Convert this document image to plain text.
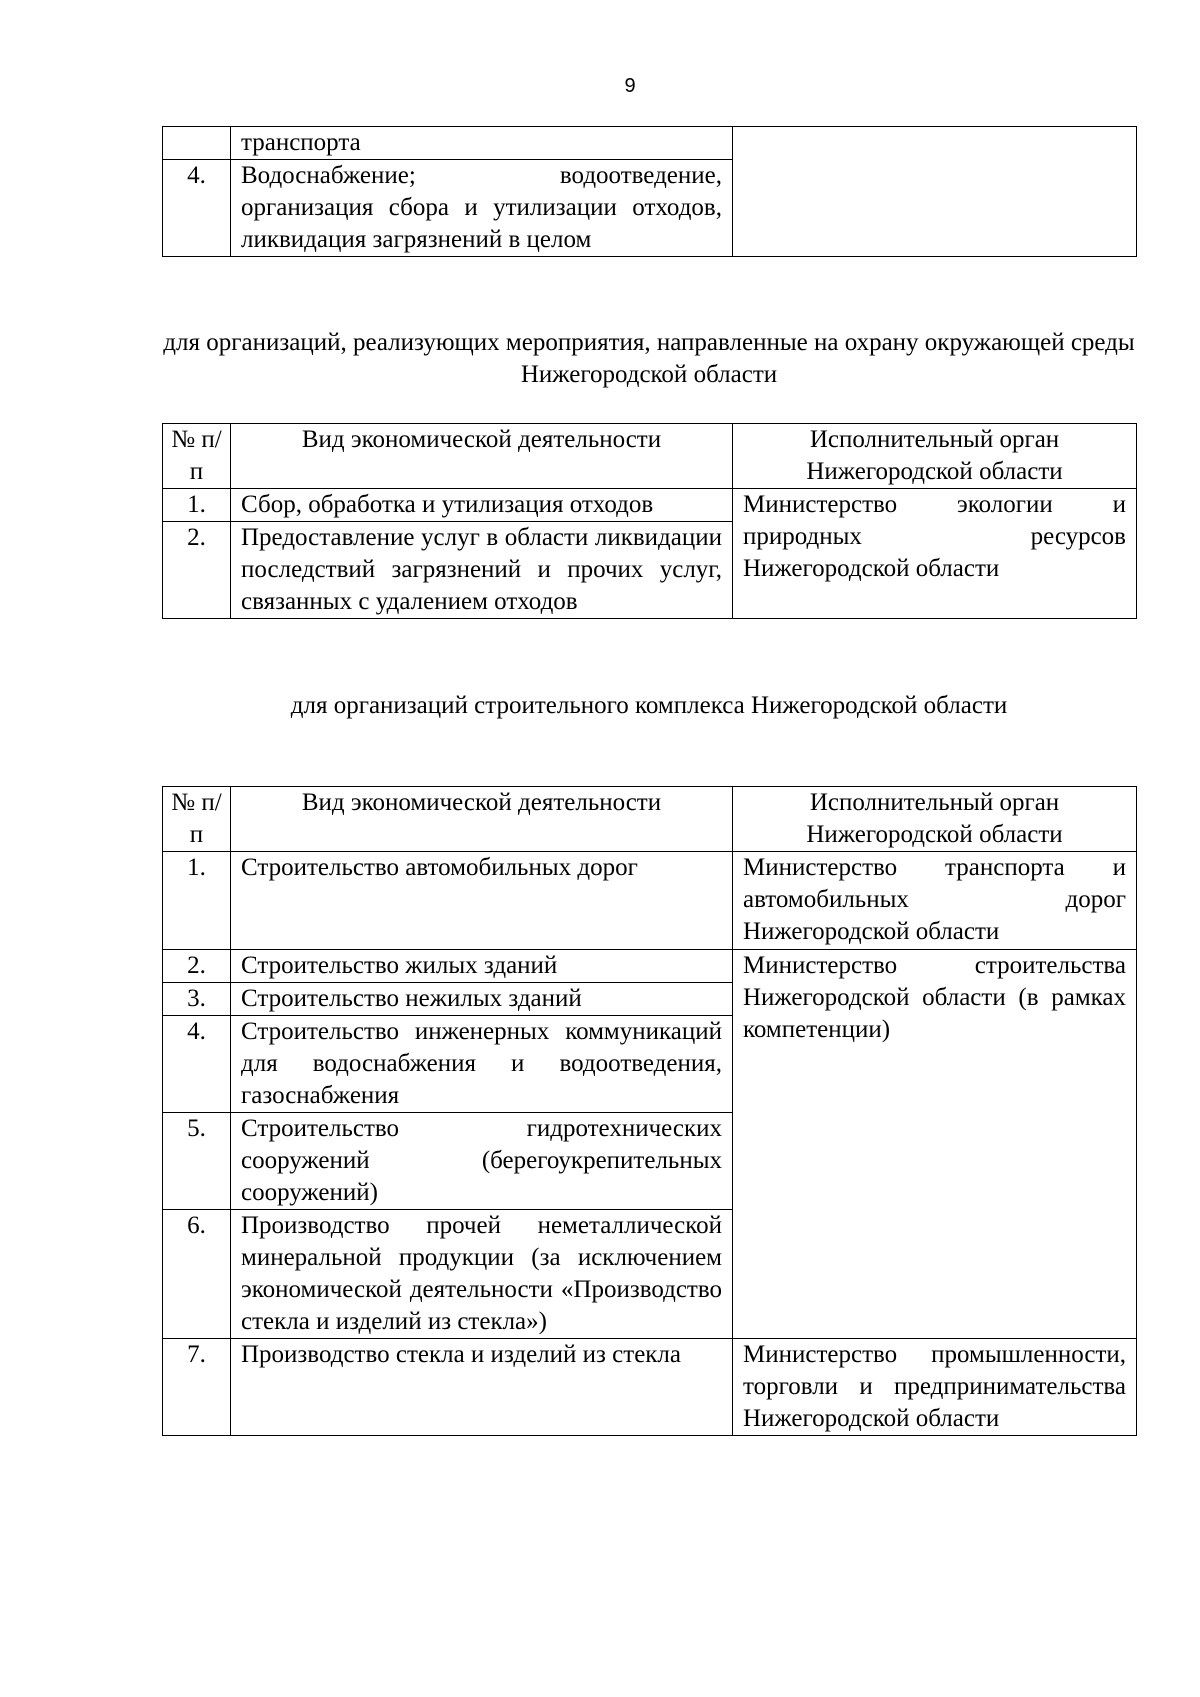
9
	транспорта	
4.	Водоснабжение; водоотведение, организация сбора и утилизации отходов, ликвидация загрязнений в целом	
для организаций, реализующих мероприятия, направленные на охрану окружающей среды Нижегородской области
№ п/п	Вид экономической деятельности	Исполнительный орган Нижегородской области
1.	Сбор, обработка и утилизация отходов	Министерство экологии и природных ресурсов Нижегородской области
2.	Предоставление услуг в области ликвидации последствий загрязнений и прочих услуг, связанных с удалением отходов	
для организаций строительного комплекса Нижегородской области
№ п/п	Вид экономической деятельности	Исполнительный орган Нижегородской области
1.	Строительство автомобильных дорог	Министерство транспорта и автомобильных дорог Нижегородской области
2.	Строительство жилых зданий	Министерство строительства Нижегородской области (в рамках компетенции)
3.	Строительство нежилых зданий	
4.	Строительство инженерных коммуникаций для водоснабжения и водоотведения, газоснабжения	
5.	Строительство гидротехнических сооружений (берегоукрепительных сооружений)	
6.	Производство прочей неметаллической минеральной продукции (за исключением экономической деятельности «Производство стекла и изделий из стекла»)	
7.	Производство стекла и изделий из стекла	Министерство промышленности, торговли и предпринимательства Нижегородской области
